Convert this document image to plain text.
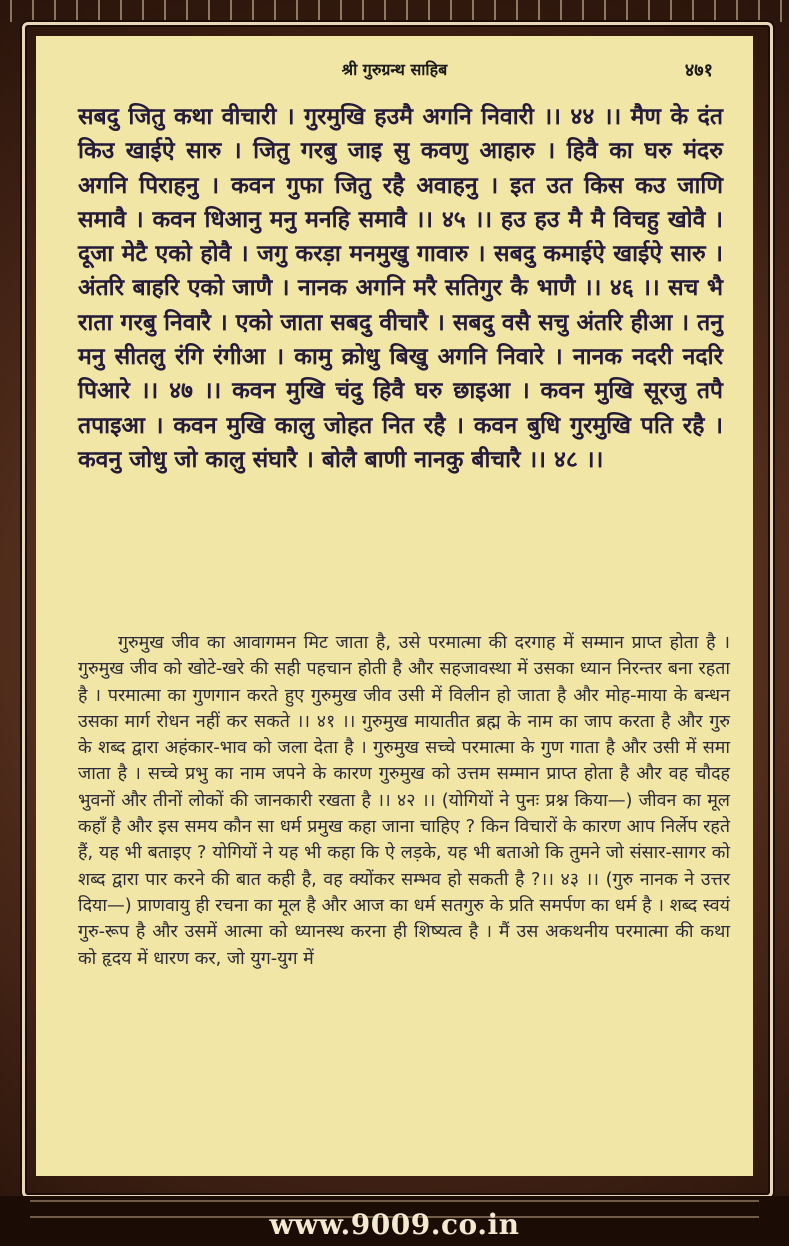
श्री गुरुग्रन्थ साहिब	४७१
सबदु जितु कथा वीचारी । गुरमुखि हउमै अगनि निवारी ।। ४४ ।। मैण के दंत किउ खाईऐ सारु । जितु गरबु जाइ सु कवणु आहारु । हिवै का घरु मंदरु अगनि पिराहनु । कवन गुफा जितु रहै अवाहनु । इत उत किस कउ जाणि समावै । कवन धिआनु मनु मनहि समावै ।। ४५ ।। हउ हउ मै मै विचहु खोवै । दूजा मेटै एको होवै । जगु करड़ा मनमुखु गावारु । सबदु कमाईऐ खाईऐ सारु । अंतरि बाहरि एको जाणै । नानक अगनि मरै सतिगुर कै भाणै ।। ४६ ।। सच भै राता गरबु निवारै । एको जाता सबदु वीचारै । सबदु वसै सचु अंतरि हीआ । तनु मनु सीतलु रंगि रंगीआ । कामु क्रोधु बिखु अगनि निवारे । नानक नदरी नदरि पिआरे ।। ४७ ।। कवन मुखि चंदु हिवै घरु छाइआ । कवन मुखि सूरजु तपै तपाइआ । कवन मुखि कालु जोहत नित रहै । कवन बुधि गुरमुखि पति रहै । कवनु जोधु जो कालु संघारै । बोलै बाणी नानकु बीचारै ।। ४८ ।।
गुरुमुख जीव का आवागमन मिट जाता है, उसे परमात्मा की दरगाह में सम्मान प्राप्त होता है । गुरुमुख जीव को खोटे-खरे की सही पहचान होती है और सहजावस्था में उसका ध्यान निरन्तर बना रहता है । परमात्मा का गुणगान करते हुए गुरुमुख जीव उसी में विलीन हो जाता है और मोह-माया के बन्धन उसका मार्ग रोधन नहीं कर सकते ।। ४१ ।। गुरुमुख मायातीत ब्रह्म के नाम का जाप करता है और गुरु के शब्द द्वारा अहंकार-भाव को जला देता है । गुरुमुख सच्चे परमात्मा के गुण गाता है और उसी में समा जाता है । सच्चे प्रभु का नाम जपने के कारण गुरुमुख को उत्तम सम्मान प्राप्त होता है और वह चौदह भुवनों और तीनों लोकों की जानकारी रखता है ।। ४२ ।। (योगियों ने पुनः प्रश्न किया—) जीवन का मूल कहाँ है और इस समय कौन सा धर्म प्रमुख कहा जाना चाहिए ? किन विचारों के कारण आप निर्लेप रहते हैं, यह भी बताइए ? योगियों ने यह भी कहा कि ऐ लड़के, यह भी बताओ कि तुमने जो संसार-सागर को शब्द द्वारा पार करने की बात कही है, वह क्योंकर सम्भव हो सकती है ?।। ४३ ।। (गुरु नानक ने उत्तर दिया—) प्राणवायु ही रचना का मूल है और आज का धर्म सतगुरु के प्रति समर्पण का धर्म है । शब्द स्वयं गुरु-रूप है और उसमें आत्मा को ध्यानस्थ करना ही शिष्यत्व है । मैं उस अकथनीय परमात्मा की कथा को हृदय में धारण कर, जो युग-युग में
www.9009.co.in
